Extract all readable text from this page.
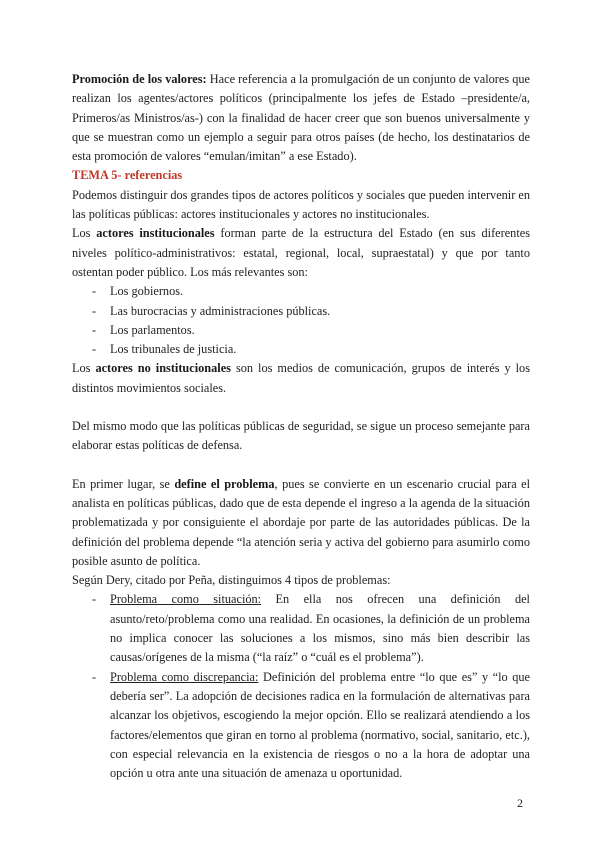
Promoción de los valores: Hace referencia a la promulgación de un conjunto de valores que realizan los agentes/actores políticos (principalmente los jefes de Estado –presidente/a, Primeros/as Ministros/as-) con la finalidad de hacer creer que son buenos universalmente y que se muestran como un ejemplo a seguir para otros países (de hecho, los destinatarios de esta promoción de valores “emulan/imitan” a ese Estado).

TEMA 5- referencias

Podemos distinguir dos grandes tipos de actores políticos y sociales que pueden intervenir en las políticas públicas: actores institucionales y actores no institucionales.

Los actores institucionales forman parte de la estructura del Estado (en sus diferentes niveles político-administrativos: estatal, regional, local, supraestatal) y que por tanto ostentan poder público. Los más relevantes son:

- Los gobiernos.
- Las burocracias y administraciones públicas.
- Los parlamentos.
- Los tribunales de justicia.

Los actores no institucionales son los medios de comunicación, grupos de interés y los distintos movimientos sociales.

Del mismo modo que las políticas públicas de seguridad, se sigue un proceso semejante para elaborar estas políticas de defensa.

En primer lugar, se define el problema, pues se convierte en un escenario crucial para el analista en políticas públicas, dado que de esta depende el ingreso a la agenda de la situación problematizada y por consiguiente el abordaje por parte de las autoridades públicas. De la definición del problema depende “la atención seria y activa del gobierno para asumirlo como posible asunto de política.

Según Dery, citado por Peña, distinguimos 4 tipos de problemas:

- Problema como situación: En ella nos ofrecen una definición del asunto/reto/problema como una realidad. En ocasiones, la definición de un problema no implica conocer las soluciones a los mismos, sino más bien describir las causas/orígenes de la misma (“la raíz” o “cuál es el problema”).
- Problema como discrepancia: Definición del problema entre “lo que es” y “lo que debería ser”. La adopción de decisiones radica en la formulación de alternativas para alcanzar los objetivos, escogiendo la mejor opción. Ello se realizará atendiendo a los factores/elementos que giran en torno al problema (normativo, social, sanitario, etc.), con especial relevancia en la existencia de riesgos o no a la hora de adoptar una opción u otra ante una situación de amenaza u oportunidad.
2
